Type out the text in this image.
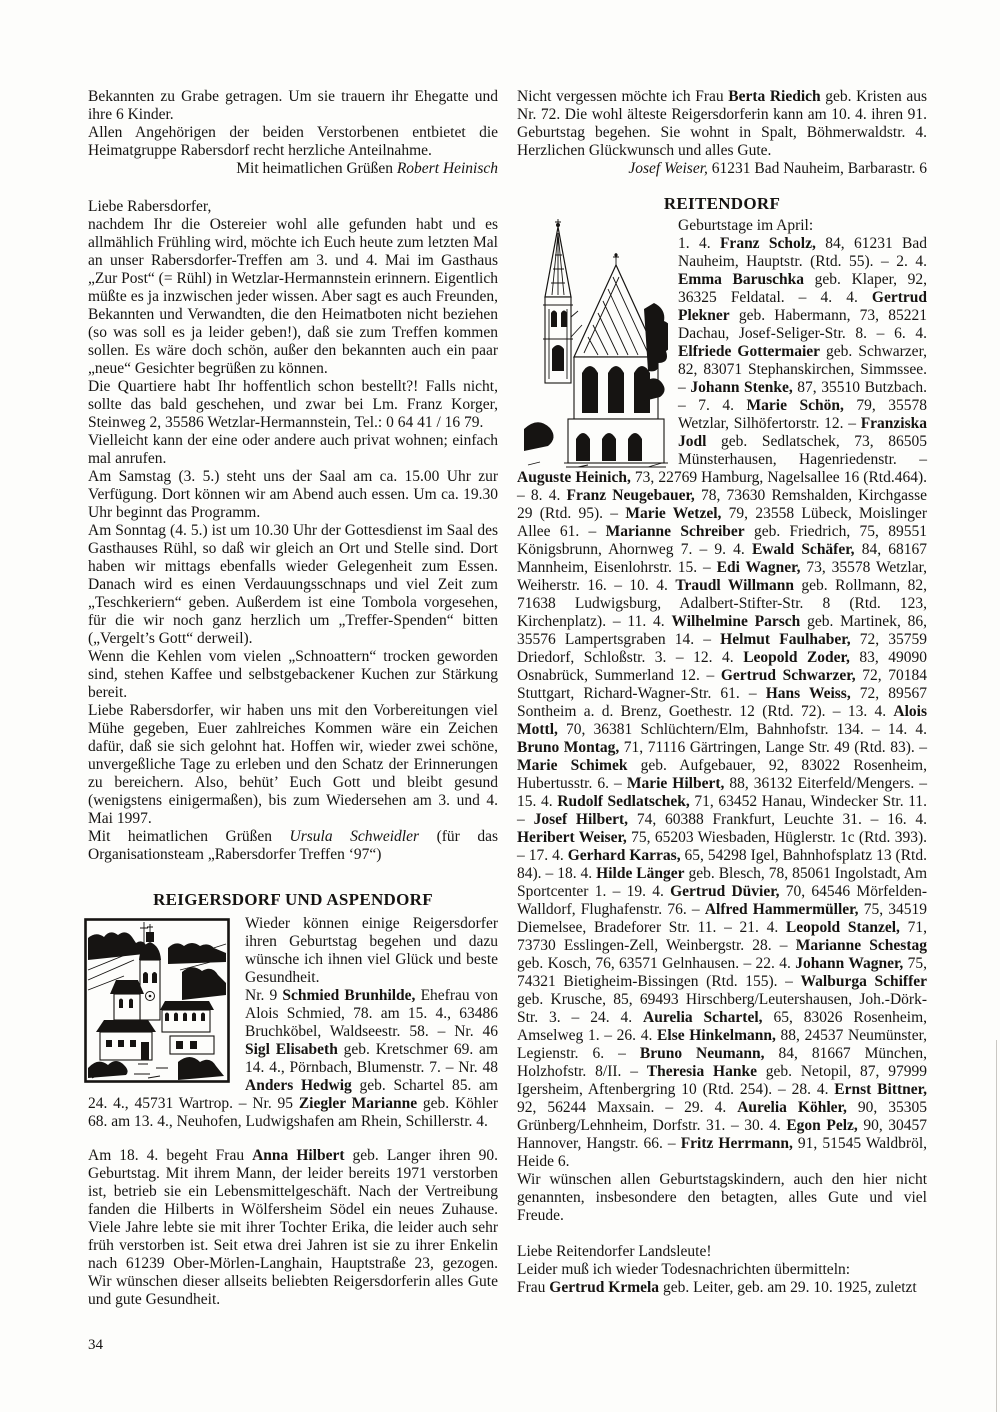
Bekannten zu Grabe getragen. Um sie trauern ihr Ehegatte und ihre 6 Kinder.

Allen Angehörigen der beiden Verstorbenen entbietet die Heimatgruppe Rabersdorf recht herzliche Anteilnahme.

Mit heimatlichen Grüßen Robert Heinisch

Liebe Rabersdorfer,

nachdem Ihr die Ostereier wohl alle gefunden habt und es allmählich Frühling wird, möchte ich Euch heute zum letzten Mal an unser Rabersdorfer-Treffen am 3. und 4. Mai im Gasthaus „Zur Post“ (= Rühl) in Wetzlar-Hermannstein erinnern. Eigentlich müßte es ja inzwischen jeder wissen. Aber sagt es auch Freunden, Bekannten und Verwandten, die den Heimatboten nicht beziehen (so was soll es ja leider geben!), daß sie zum Treffen kommen sollen. Es wäre doch schön, außer den bekannten auch ein paar „neue“ Gesichter begrüßen zu können.

Die Quartiere habt Ihr hoffentlich schon bestellt?! Falls nicht, sollte das bald geschehen, und zwar bei Lm. Franz Korger, Steinweg 2, 35586 Wetzlar-Hermannstein, Tel.: 0 64 41 / 16 79.

Vielleicht kann der eine oder andere auch privat wohnen; einfach mal anrufen.

Am Samstag (3. 5.) steht uns der Saal am ca. 15.00 Uhr zur Verfügung. Dort können wir am Abend auch essen. Um ca. 19.30 Uhr beginnt das Programm.

Am Sonntag (4. 5.) ist um 10.30 Uhr der Gottesdienst im Saal des Gasthauses Rühl, so daß wir gleich an Ort und Stelle sind. Dort haben wir mittags ebenfalls wieder Gelegenheit zum Essen. Danach wird es einen Verdauungsschnaps und viel Zeit zum „Teschkeriern“ geben. Außerdem ist eine Tombola vorgesehen, für die wir noch ganz herzlich um „Treffer-Spenden“ bitten („Vergelt’s Gott“ derweil).

Wenn die Kehlen vom vielen „Schnoattern“ trocken geworden sind, stehen Kaffee und selbstgebackener Kuchen zur Stärkung bereit.

Liebe Rabersdorfer, wir haben uns mit den Vorbereitungen viel Mühe gegeben, Euer zahlreiches Kommen wäre ein Zeichen dafür, daß sie sich gelohnt hat. Hoffen wir, wieder zwei schöne, unvergeßliche Tage zu erleben und den Schatz der Erinnerungen zu bereichern. Also, behüt’ Euch Gott und bleibt gesund (wenigstens einigermaßen), bis zum Wiedersehen am 3. und 4. Mai 1997.

Mit heimatlichen Grüßen Ursula Schweidler (für das Organisationsteam „Rabersdorfer Treffen ‘97“)

REIGERSDORF UND ASPENDORF

Wieder können einige Reigersdorfer ihren Geburtstag begehen und dazu wünsche ich ihnen viel Glück und beste Gesundheit.

Nr. 9 Schmied Brunhilde, Ehefrau von Alois Schmied, 78. am 15. 4., 63486 Bruchköbel, Waldseestr. 58. – Nr. 46 Sigl Elisabeth geb. Kretschmer 69. am 14. 4., Pörnbach, Blumenstr. 7. – Nr. 48 Anders Hedwig geb. Schartel 85. am 24. 4., 45731 Wartrop. – Nr. 95 Ziegler Marianne geb. Köhler 68. am 13. 4., Neuhofen, Ludwigshafen am Rhein, Schillerstr. 4.

Am 18. 4. begeht Frau Anna Hilbert geb. Langer ihren 90. Geburtstag. Mit ihrem Mann, der leider bereits 1971 verstorben ist, betrieb sie ein Lebensmittelgeschäft. Nach der Vertreibung fanden die Hilberts in Wölfersheim Södel ein neues Zuhause. Viele Jahre lebte sie mit ihrer Tochter Erika, die leider auch sehr früh verstorben ist. Seit etwa drei Jahren ist sie zu ihrer Enkelin nach 61239 Ober-Mörlen-Langhain, Hauptstraße 23, gezogen. Wir wünschen dieser allseits beliebten Reigersdorferin alles Gute und gute Gesundheit.

Nicht vergessen möchte ich Frau Berta Riedich geb. Kristen aus Nr. 72. Die wohl älteste Reigersdorferin kann am 10. 4. ihren 91. Geburtstag begehen. Sie wohnt in Spalt, Böhmerwaldstr. 4. Herzlichen Glückwunsch und alles Gute.

Josef Weiser, 61231 Bad Nauheim, Barbarastr. 6

REITENDORF

Geburtstage im April:

1. 4. Franz Scholz, 84, 61231 Bad Nauheim, Hauptstr. (Rtd. 55). – 2. 4. Emma Baruschka geb. Klaper, 92, 36325 Feldatal. – 4. 4. Gertrud Plekner geb. Habermann, 73, 85221 Dachau, Josef-Seliger-Str. 8. – 6. 4. Elfriede Gottermaier geb. Schwarzer, 82, 83071 Stephanskirchen, Simmssee. – Johann Stenke, 87, 35510 Butzbach. – 7. 4. Marie Schön, 79, 35578 Wetzlar, Silhöfertorstr. 12. – Franziska Jodl geb. Sedlatschek, 73, 86505 Münsterhausen, Hagenriedenstr. – Auguste Heinich, 73, 22769 Hamburg, Nagelsallee 16 (Rtd.464). – 8. 4. Franz Neugebauer, 78, 73630 Remshalden, Kirchgasse 29 (Rtd. 95). – Marie Wetzel, 79, 23558 Lübeck, Moislinger Allee 61. – Marianne Schreiber geb. Friedrich, 75, 89551 Königsbrunn, Ahornweg 7. – 9. 4. Ewald Schäfer, 84, 68167 Mannheim, Eisenlohrstr. 15. – Edi Wagner, 73, 35578 Wetzlar, Weiherstr. 16. – 10. 4. Traudl Willmann geb. Rollmann, 82, 71638 Ludwigsburg, Adalbert-Stifter-Str. 8 (Rtd. 123, Kirchenplatz). – 11. 4. Wilhelmine Parsch geb. Martinek, 86, 35576 Lampertsgraben 14. – Helmut Faulhaber, 72, 35759 Driedorf, Schloßstr. 3. – 12. 4. Leopold Zoder, 83, 49090 Osnabrück, Summerland 12. – Gertrud Schwarzer, 72, 70184 Stuttgart, Richard-Wagner-Str. 61. – Hans Weiss, 72, 89567 Sontheim a. d. Brenz, Goethestr. 12 (Rtd. 72). – 13. 4. Alois Mottl, 70, 36381 Schlüchtern/Elm, Bahnhofstr. 134. – 14. 4. Bruno Montag, 71, 71116 Gärtringen, Lange Str. 49 (Rtd. 83). – Marie Schimek geb. Aufgebauer, 92, 83022 Rosenheim, Hubertusstr. 6. – Marie Hilbert, 88, 36132 Eiterfeld/Mengers. – 15. 4. Rudolf Sedlatschek, 71, 63452 Hanau, Windecker Str. 11. – Josef Hilbert, 74, 60388 Frankfurt, Leuchte 31. – 16. 4. Heribert Weiser, 75, 65203 Wiesbaden, Hüglerstr. 1c (Rtd. 393). – 17. 4. Gerhard Karras, 65, 54298 Igel, Bahnhofsplatz 13 (Rtd. 84). – 18. 4. Hilde Länger geb. Blesch, 78, 85061 Ingolstadt, Am Sportcenter 1. – 19. 4. Gertrud Düvier, 70, 64546 Mörfelden-Walldorf, Flughafenstr. 76. – Alfred Hammermüller, 75, 34519 Diemelsee, Bradeforer Str. 11. – 21. 4. Leopold Stanzel, 71, 73730 Esslingen-Zell, Weinbergstr. 28. – Marianne Schestag geb. Kosch, 76, 63571 Gelnhausen. – 22. 4. Johann Wagner, 75, 74321 Bietigheim-Bissingen (Rtd. 155). – Walburga Schiffer geb. Krusche, 85, 69493 Hirschberg/Leutershausen, Joh.-Dörk-Str. 3. – 24. 4. Aurelia Schartel, 65, 83026 Rosenheim, Amselweg 1. – 26. 4. Else Hinkelmann, 88, 24537 Neumünster, Legienstr. 6. – Bruno Neumann, 84, 81667 München, Holzhofstr. 8/II. – Theresia Hanke geb. Netopil, 87, 97999 Igersheim, Aftenbergring 10 (Rtd. 254). – 28. 4. Ernst Bittner, 92, 56244 Maxsain. – 29. 4. Aurelia Köhler, 90, 35305 Grünberg/Lehnheim, Dorfstr. 31. – 30. 4. Egon Pelz, 90, 30457 Hannover, Hangstr. 66. – Fritz Herrmann, 91, 51545 Waldbröl, Heide 6.

Wir wünschen allen Geburtstagskindern, auch den hier nicht genannten, insbesondere den betagten, alles Gute und viel Freude.

Liebe Reitendorfer Landsleute!

Leider muß ich wieder Todesnachrichten übermitteln:

Frau Gertrud Krmela geb. Leiter, geb. am 29. 10. 1925, zuletzt

34
